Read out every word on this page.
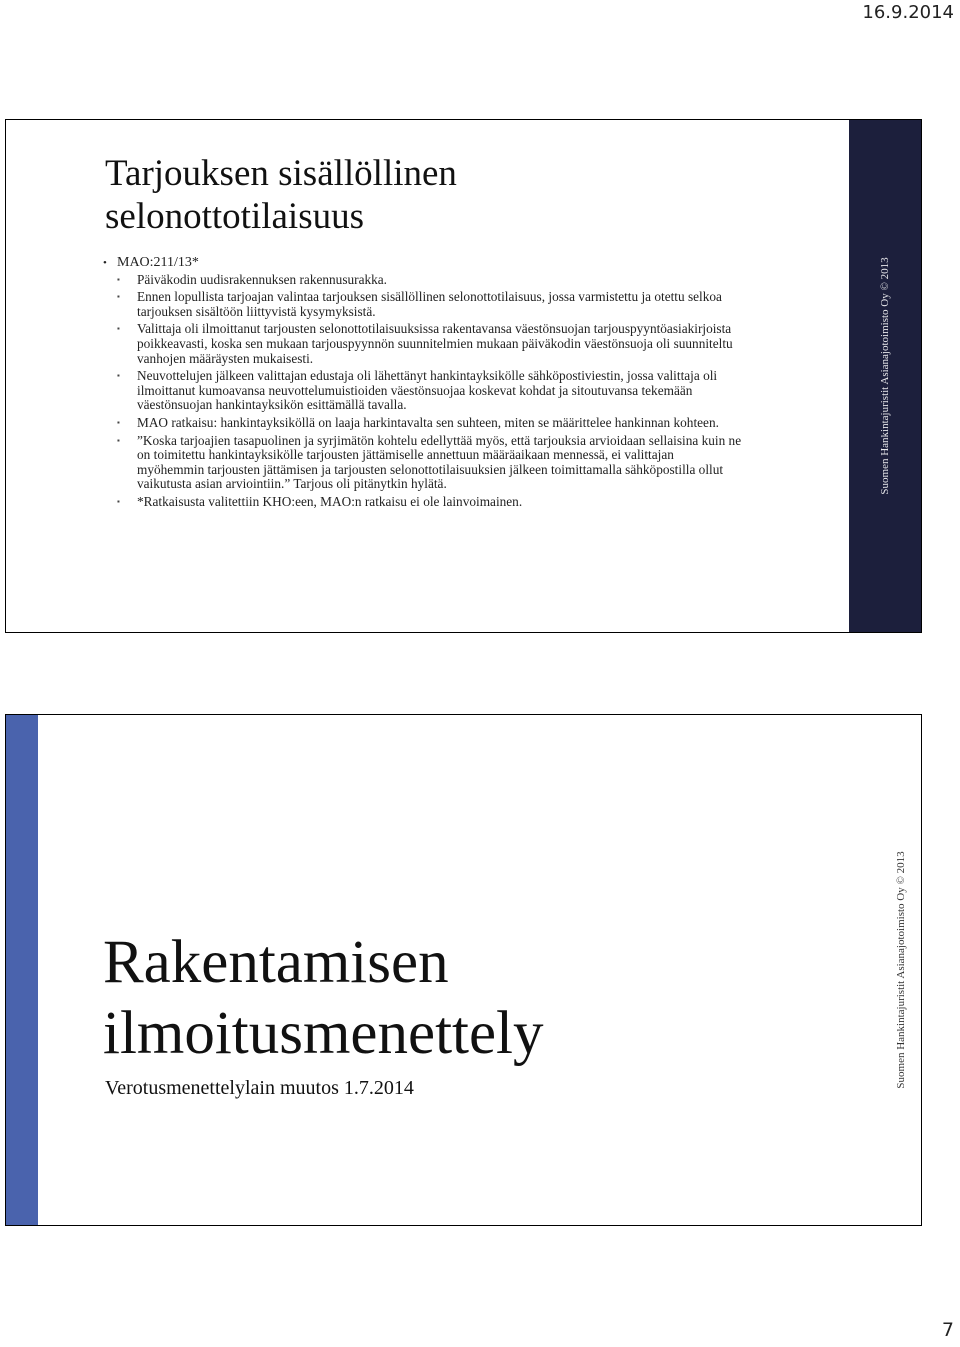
16.9.2014
Tarjouksen sisällöllinen selonottotilaisuus
• MAO:211/13*
▪ Päiväkodin uudisrakennuksen rakennusurakka.
▪ Ennen lopullista tarjoajan valintaa tarjouksen sisällöllinen selonottotilaisuus, jossa varmistettu ja otettu selkoa tarjouksen sisältöön liittyvistä kysymyksistä.
▪ Valittaja oli ilmoittanut tarjousten selonottotilaisuuksissa rakentavansa väestönsuojan tarjouspyyntöasiakirjoista poikkeavasti, koska sen mukaan tarjouspyynnön suunnitelmien mukaan päiväkodin väestönsuoja oli suunniteltu vanhojen määräysten mukaisesti.
▪ Neuvottelujen jälkeen valittajan edustaja oli lähettänyt hankintayksikölle sähköpostiviestin, jossa valittaja oli ilmoittanut kumoavansa neuvottelumuistioiden väestönsuojaa koskevat kohdat ja sitoutuvansa tekemään väestönsuojan hankintayksikön esittämällä tavalla.
▪ MAO ratkaisu: hankintayksiköllä on laaja harkintavalta sen suhteen, miten se määrittelee hankinnan kohteen.
▪ ”Koska tarjoajien tasapuolinen ja syrjimätön kohtelu edellyttää myös, että tarjouksia arvioidaan sellaisina kuin ne on toimitettu hankintayksikölle tarjousten jättämiselle annettuun määräaikaan mennessä, ei valittajan myöhemmin tarjousten jättämisen ja tarjousten selonottotilaisuuksien jälkeen toimittamalla sähköpostilla ollut vaikutusta asian arviointiin.” Tarjous oli pitänytkin hylätä.
▪ *Ratkaisusta valitettiin KHO:een, MAO:n ratkaisu ei ole lainvoimainen.
Suomen Hankintajuristit Asianajotoimisto Oy © 2013
Rakentamisen ilmoitusmenettely
Verotusmenettelylain muutos 1.7.2014	Suomen Hankintajuristit Asianajotoimisto Oy © 2013
7
